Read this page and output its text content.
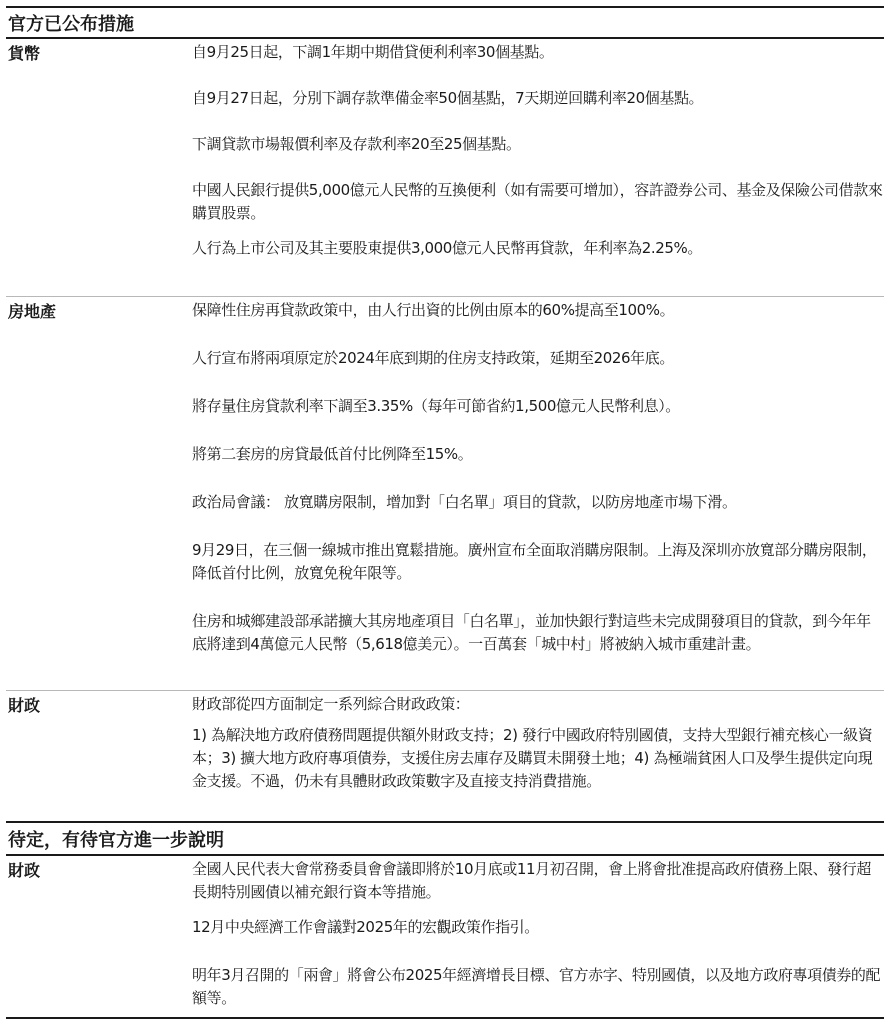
官方已公布措施
貨幣	自9月25日起，下調1年期中期借貸便利利率30個基點。
自9月27日起，分別下調存款準備金率50個基點，7天期逆回購利率20個基點。
下調貸款市場報價利率及存款利率20至25個基點。
中國人民銀行提供5,000億元人民幣的互換便利（如有需要可增加），容許證券公司、基金及保險公司借款來購買股票。
人行為上市公司及其主要股東提供3,000億元人民幣再貸款，年利率為2.25%。
房地產	保障性住房再貸款政策中，由人行出資的比例由原本的60%提高至100%。
人行宣布將兩項原定於2024年底到期的住房支持政策，延期至2026年底。
將存量住房貸款利率下調至3.35%（每年可節省約1,500億元人民幣利息）。
將第二套房的房貸最低首付比例降至15%。
政治局會議： 放寬購房限制，增加對「白名單」項目的貸款，以防房地產市場下滑。
9月29日，在三個一線城市推出寬鬆措施。廣州宣布全面取消購房限制。上海及深圳亦放寬部分購房限制，降低首付比例，放寬免稅年限等。
住房和城鄉建設部承諾擴大其房地產項目「白名單」，並加快銀行對這些未完成開發項目的貸款，到今年年底將達到4萬億元人民幣（5,618億美元）。一百萬套「城中村」將被納入城市重建計畫。
財政	財政部從四方面制定一系列綜合財政政策：
1) 為解決地方政府債務問題提供額外財政支持；2) 發行中國政府特別國債，支持大型銀行補充核心一級資本；3) 擴大地方政府專項債券，支援住房去庫存及購買未開發土地；4) 為極端貧困人口及學生提供定向現金支援。不過，仍未有具體財政政策數字及直接支持消費措施。
待定，有待官方進一步說明
財政	全國人民代表大會常務委員會會議即將於10月底或11月初召開，會上將會批准提高政府債務上限、發行超長期特別國債以補充銀行資本等措施。
12月中央經濟工作會議對2025年的宏觀政策作指引。
明年3月召開的「兩會」將會公布2025年經濟增長目標、官方赤字、特別國債，以及地方政府專項債券的配額等。
